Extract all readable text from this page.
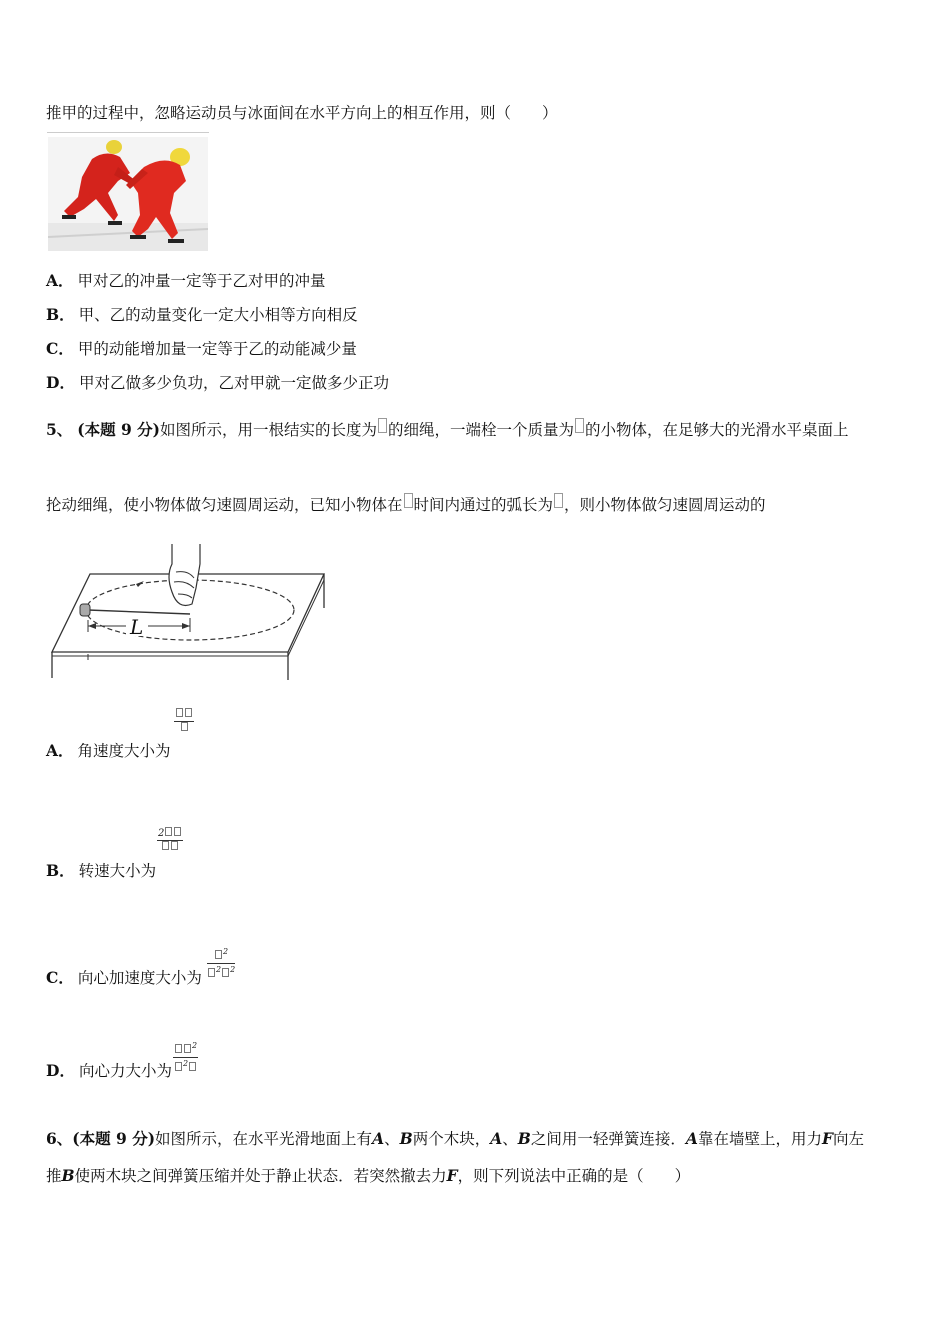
推甲的过程中，忽略运动员与冰面间在水平方向上的相互作用，则（　　）
A． 甲对乙的冲量一定等于乙对甲的冲量
B． 甲、乙的动量变化一定大小相等方向相反
C． 甲的动能增加量一定等于乙的动能减少量
D． 甲对乙做多少负功，乙对甲就一定做多少正功
5、 (本题 9 分)如图所示，用一根结实的长度为 的细绳，一端栓一个质量为 的小物体，在足够大的光滑水平桌面上
抡动细绳，使小物体做匀速圆周运动，已知小物体在 时间内通过的弧长为 ，则小物体做匀速圆周运动的
L
A． 角速度大小为
B． 转速大小为
2
C． 向心加速度大小为 $\frac{^2}{^2 ^2}$
D． 向心力大小为 $\frac{^2}{^2}$
6、(本题 9 分)如图所示，在水平光滑地面上有A、B两个木块，A、B之间用一轻弹簧连接．A靠在墙壁上，用力F向左
推B使两木块之间弹簧压缩并处于静止状态．若突然撤去力F，则下列说法中正确的是（　　）
